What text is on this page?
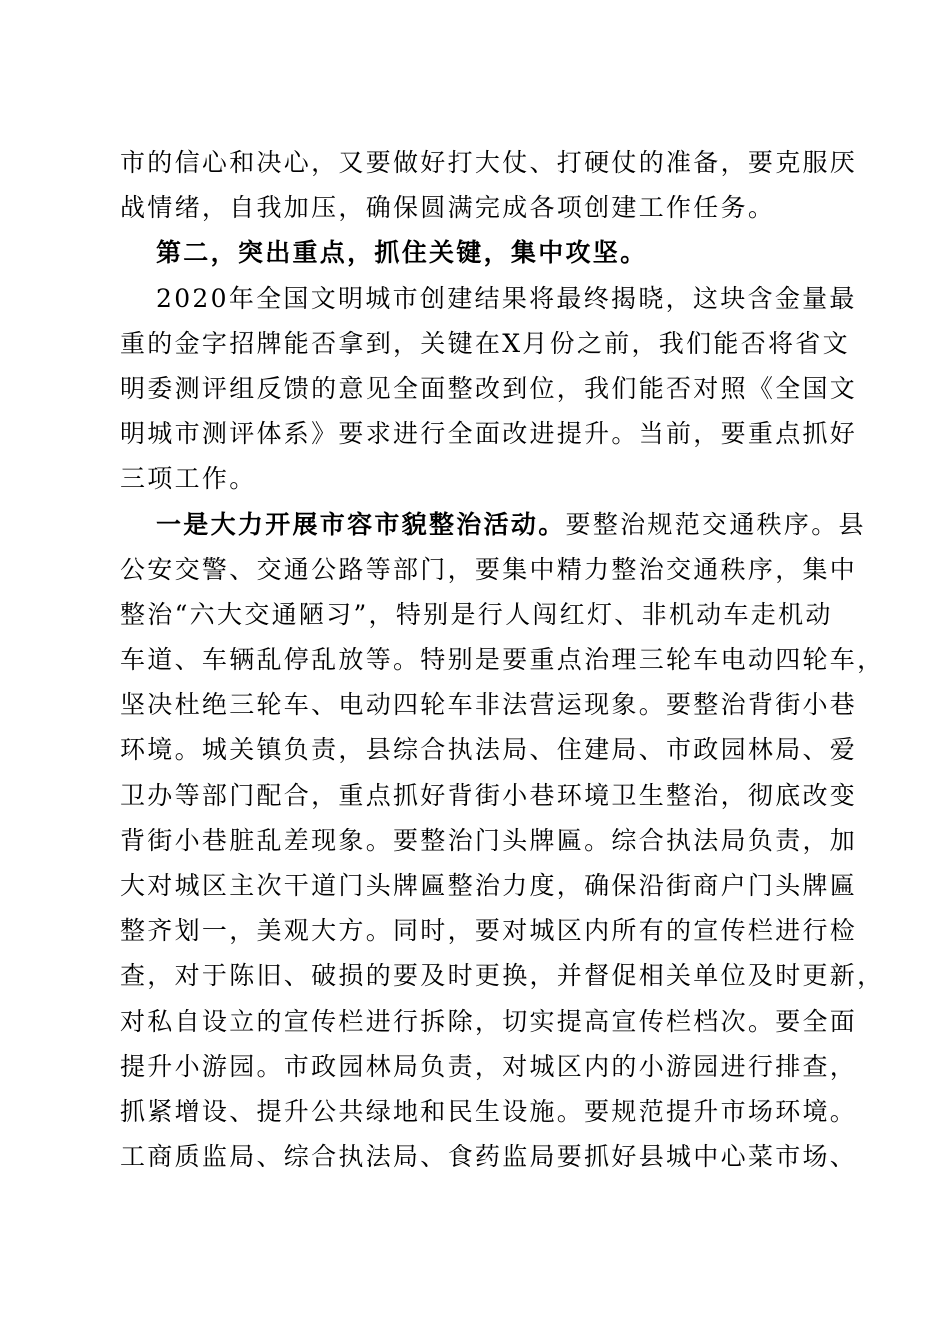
市的信心和决心，又要做好打大仗、打硬仗的准备，要克服厌
战情绪，自我加压，确保圆满完成各项创建工作任务。
第二，突出重点，抓住关键，集中攻坚。
2020年全国文明城市创建结果将最终揭晓，这块含金量最
重的金字招牌能否拿到，关键在X月份之前，我们能否将省文
明委测评组反馈的意见全面整改到位，我们能否对照《全国文
明城市测评体系》要求进行全面改进提升。当前，要重点抓好
三项工作。
一是大力开展市容市貌整治活动。要整治规范交通秩序。县
公安交警、交通公路等部门，要集中精力整治交通秩序，集中
整治“六大交通陋习”，特别是行人闯红灯、非机动车走机动
车道、车辆乱停乱放等。特别是要重点治理三轮车电动四轮车，
坚决杜绝三轮车、电动四轮车非法营运现象。要整治背街小巷
环境。城关镇负责，县综合执法局、住建局、市政园林局、爱
卫办等部门配合，重点抓好背街小巷环境卫生整治，彻底改变
背街小巷脏乱差现象。要整治门头牌匾。综合执法局负责，加
大对城区主次干道门头牌匾整治力度，确保沿街商户门头牌匾
整齐划一，美观大方。同时，要对城区内所有的宣传栏进行检
查，对于陈旧、破损的要及时更换，并督促相关单位及时更新，
对私自设立的宣传栏进行拆除，切实提高宣传栏档次。要全面
提升小游园。市政园林局负责，对城区内的小游园进行排查，
抓紧增设、提升公共绿地和民生设施。要规范提升市场环境。
工商质监局、综合执法局、食药监局要抓好县城中心菜市场、
